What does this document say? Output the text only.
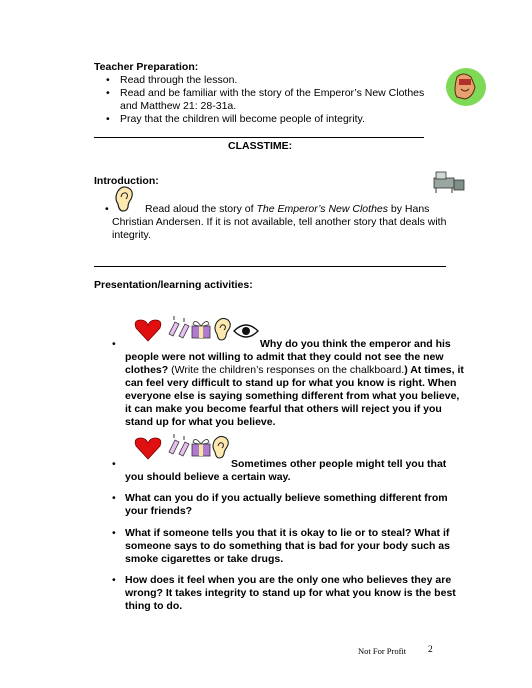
Teacher Preparation:
• Read through the lesson.
• Read and be familiar with the story of the Emperor’s New Clothes and Matthew 21: 28-31a.
• Pray that the children will become people of integrity.
CLASSTIME:
Introduction:
•	Read aloud the story of The Emperor’s New Clothes by Hans Christian Andersen. If it is not available, tell another story that deals with integrity.
Presentation/learning activities:
•	Why do you think the emperor and his people were not willing to admit that they could not see the new clothes? (Write the children’s responses on the chalkboard.) At times, it can feel very difficult to stand up for what you know is right. When everyone else is saying something different from what you believe, it can make you become fearful that others will reject you if you stand up for what you believe.
•	Sometimes other people might tell you that you should believe a certain way.
• What can you do if you actually believe something different from your friends?
• What if someone tells you that it is okay to lie or to steal? What if someone says to do something that is bad for your body such as smoke cigarettes or take drugs.
• How does it feel when you are the only one who believes they are wrong? It takes integrity to stand up for what you know is the best thing to do.
Not For Profit 2
